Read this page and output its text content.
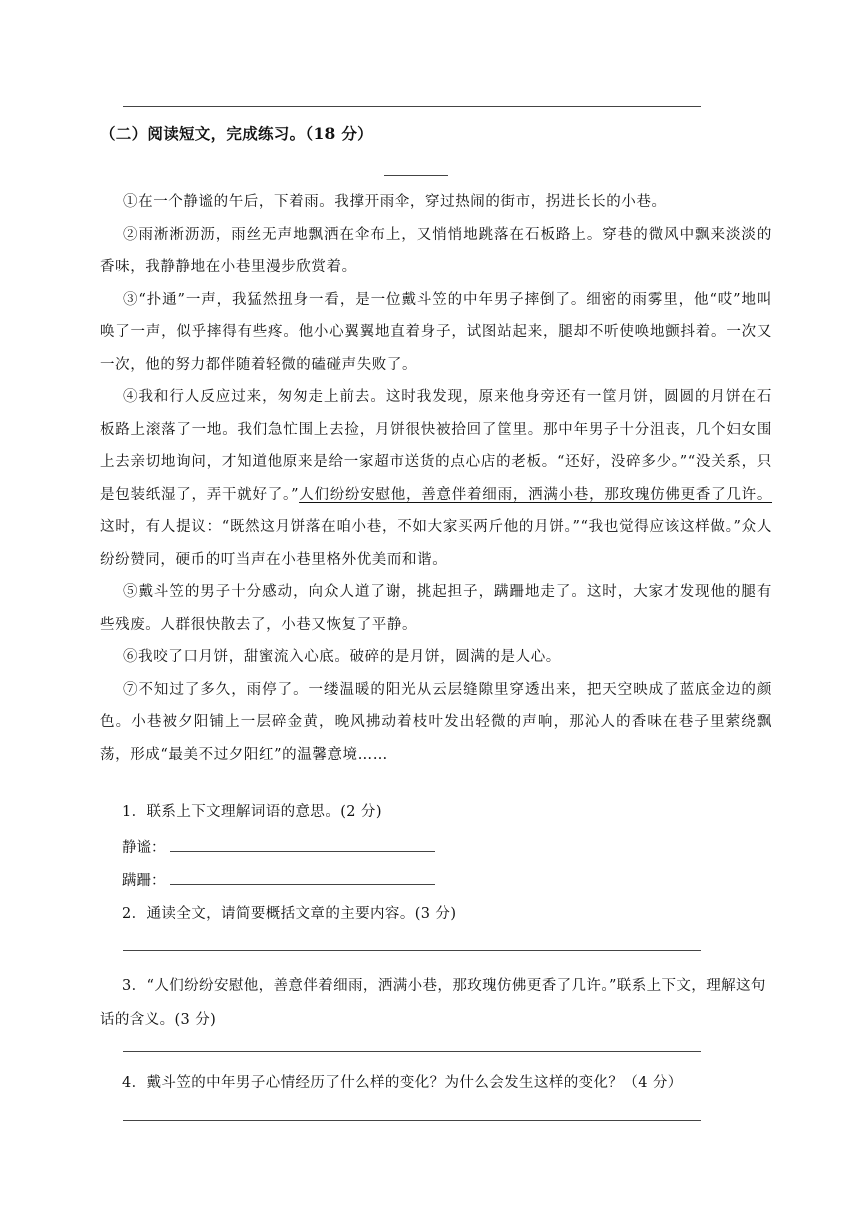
（二）阅读短文，完成练习。（18 分）

①在一个静谧的午后，下着雨。我撑开雨伞，穿过热闹的街市，拐进长长的小巷。

②雨淅淅沥沥，雨丝无声地飘洒在伞布上，又悄悄地跳落在石板路上。穿巷的微风中飘来淡淡的香味，我静静地在小巷里漫步欣赏着。

③“扑通”一声，我猛然扭身一看，是一位戴斗笠的中年男子摔倒了。细密的雨雾里，他“哎”地叫唤了一声，似乎摔得有些疼。他小心翼翼地直着身子，试图站起来，腿却不听使唤地颤抖着。一次又一次，他的努力都伴随着轻微的磕碰声失败了。

④我和行人反应过来，匆匆走上前去。这时我发现，原来他身旁还有一筐月饼，圆圆的月饼在石板路上滚落了一地。我们急忙围上去捡，月饼很快被拾回了筐里。那中年男子十分沮丧，几个妇女围上去亲切地询问，才知道他原来是给一家超市送货的点心店的老板。“还好，没碎多少。”“没关系，只是包装纸湿了，弄干就好了。”人们纷纷安慰他，善意伴着细雨，洒满小巷，那玫瑰仿佛更香了几许。这时，有人提议：“既然这月饼落在咱小巷，不如大家买两斤他的月饼。”“我也觉得应该这样做。”众人纷纷赞同，硬币的叮当声在小巷里格外优美而和谐。

⑤戴斗笠的男子十分感动，向众人道了谢，挑起担子，蹒跚地走了。这时，大家才发现他的腿有些残废。人群很快散去了，小巷又恢复了平静。

⑥我咬了口月饼，甜蜜流入心底。破碎的是月饼，圆满的是人心。

⑦不知过了多久，雨停了。一缕温暖的阳光从云层缝隙里穿透出来，把天空映成了蓝底金边的颜色。小巷被夕阳铺上一层碎金黄，晚风拂动着枝叶发出轻微的声响，那沁人的香味在巷子里萦绕飘荡，形成“最美不过夕阳红”的温馨意境……

1．联系上下文理解词语的意思。(2 分)
静谧：
蹒跚：
2．通读全文，请简要概括文章的主要内容。(3 分)
3．“人们纷纷安慰他，善意伴着细雨，洒满小巷，那玫瑰仿佛更香了几许。”联系上下文，理解这句话的含义。(3 分)
4．戴斗笠的中年男子心情经历了什么样的变化？为什么会发生这样的变化？（4 分）
